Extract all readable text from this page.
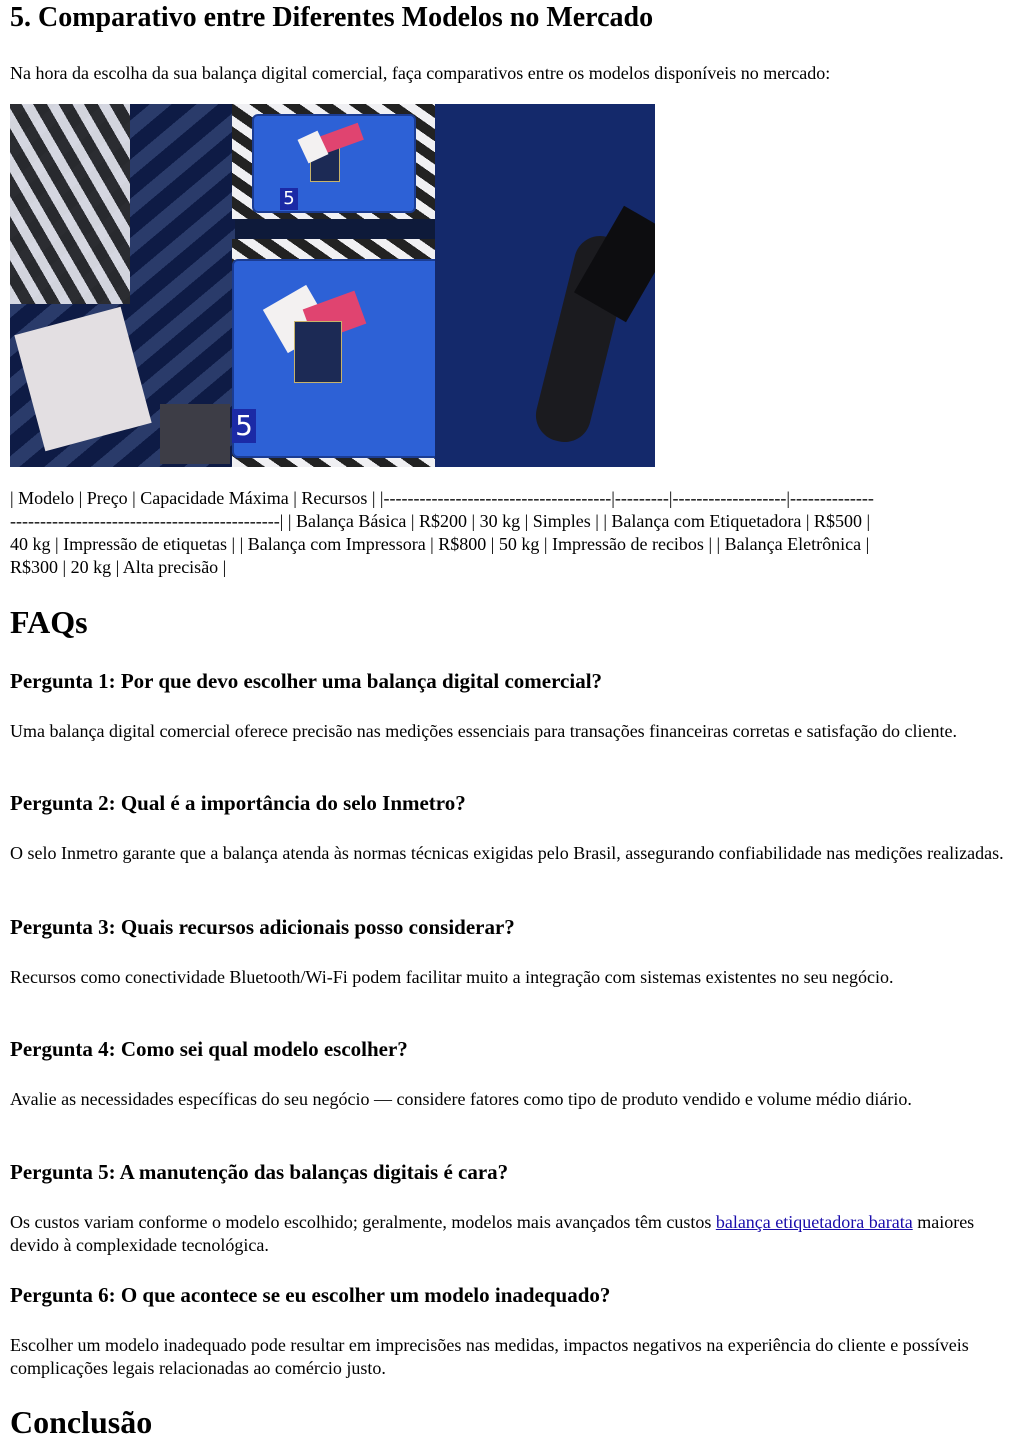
5. Comparativo entre Diferentes Modelos no Mercado

Na hora da escolha da sua balança digital comercial, faça comparativos entre os modelos disponíveis no mercado:

5
5

| Modelo | Preço | Capacidade Máxima | Recursos | |--------------------------------------|---------|-------------------|--------------
---------------------------------------------| | Balança Básica | R$200 | 30 kg | Simples | | Balança com Etiquetadora | R$500 |
40 kg | Impressão de etiquetas | | Balança com Impressora | R$800 | 50 kg | Impressão de recibos | | Balança Eletrônica |
R$300 | 20 kg | Alta precisão |

FAQs
Pergunta 1: Por que devo escolher uma balança digital comercial?

Uma balança digital comercial oferece precisão nas medições essenciais para transações financeiras corretas e satisfação do cliente.

Pergunta 2: Qual é a importância do selo Inmetro?

O selo Inmetro garante que a balança atenda às normas técnicas exigidas pelo Brasil, assegurando confiabilidade nas medições realizadas.

Pergunta 3: Quais recursos adicionais posso considerar?

Recursos como conectividade Bluetooth/Wi-Fi podem facilitar muito a integração com sistemas existentes no seu negócio.

Pergunta 4: Como sei qual modelo escolher?

Avalie as necessidades específicas do seu negócio — considere fatores como tipo de produto vendido e volume médio diário.

Pergunta 5: A manutenção das balanças digitais é cara?

Os custos variam conforme o modelo escolhido; geralmente, modelos mais avançados têm custos balança etiquetadora barata maiores devido à complexidade tecnológica.

Pergunta 6: O que acontece se eu escolher um modelo inadequado?

Escolher um modelo inadequado pode resultar em imprecisões nas medidas, impactos negativos na experiência do cliente e possíveis complicações legais relacionadas ao comércio justo.

Conclusão
